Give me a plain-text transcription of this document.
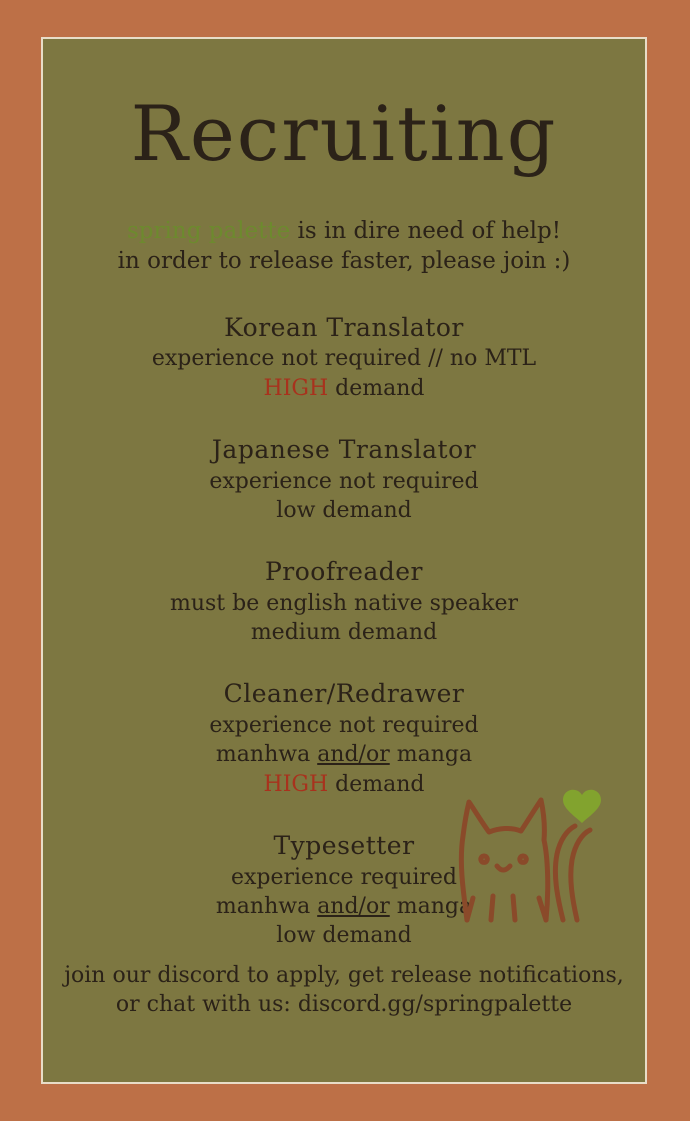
Recruiting
spring palette is in dire need of help!
in order to release faster, please join :)
Korean Translator
experience not required // no MTL
HIGH demand
Japanese Translator
experience not required
low demand
Proofreader
must be english native speaker
medium demand
Cleaner/Redrawer
experience not required
manhwa and/or manga
HIGH demand
Typesetter
experience required
manhwa and/or manga
low demand
join our discord to apply, get release notifications,
or chat with us: discord.gg/springpalette
